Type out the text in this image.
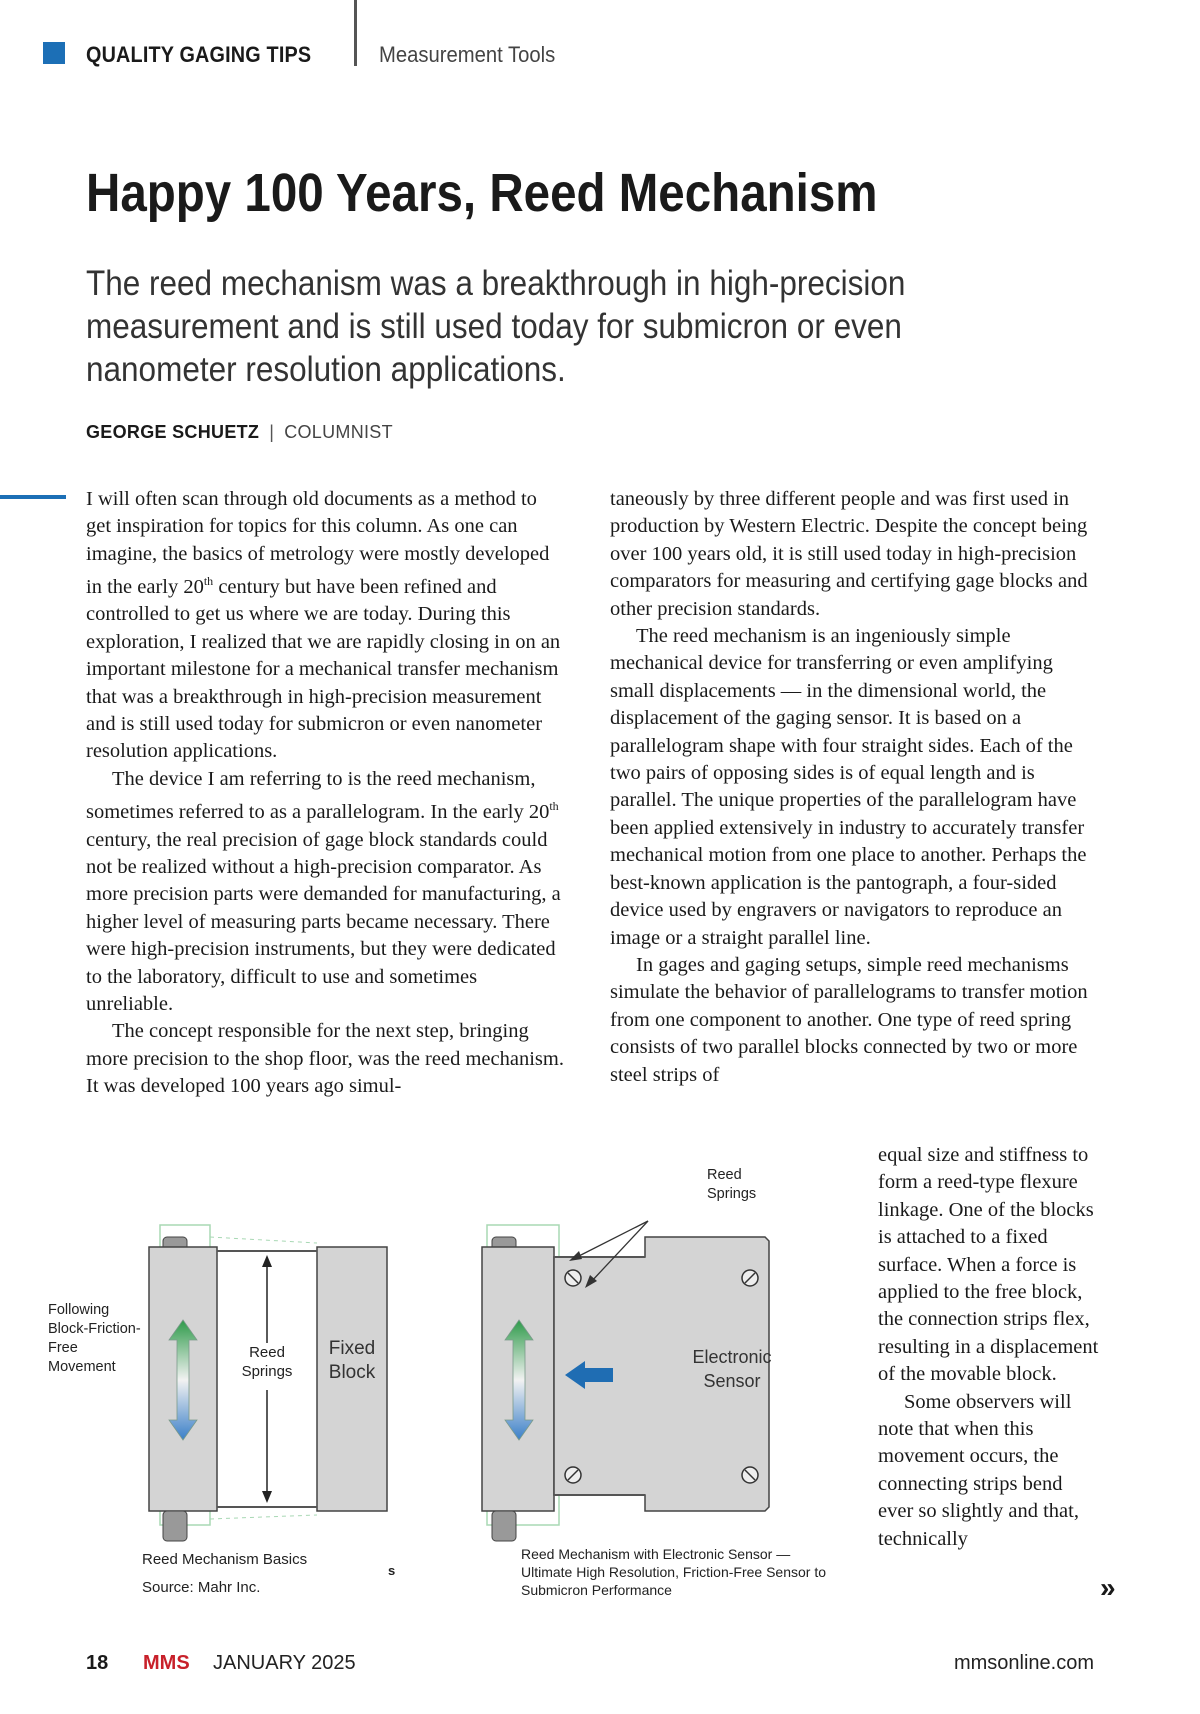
QUALITY GAGING TIPS	Measurement Tools
Happy 100 Years, Reed Mechanism

The reed mechanism was a breakthrough in high-precision measurement and is still used today for submicron or even nanometer resolution applications.

GEORGE SCHUETZ | COLUMNIST

I will often scan through old documents as a method to get inspiration for topics for this column. As one can imagine, the basics of metrology were mostly developed in the early 20th century but have been refined and controlled to get us where we are today. During this exploration, I realized that we are rapidly closing in on an important milestone for a mechanical transfer mechanism that was a breakthrough in high-precision measurement and is still used today for submicron or even nanometer resolution applications.

The device I am referring to is the reed mechanism, sometimes referred to as a parallelogram. In the early 20th century, the real precision of gage block standards could not be realized without a high-precision comparator. As more precision parts were demanded for manufacturing, a higher level of measuring parts became necessary. There were high-precision instruments, but they were dedicated to the laboratory, difficult to use and sometimes unreliable.

The concept responsible for the next step, bringing more precision to the shop floor, was the reed mechanism. It was developed 100 years ago simul-

taneously by three different people and was first used in production by Western Electric. Despite the concept being over 100 years old, it is still used today in high-precision comparators for measuring and certifying gage blocks and other precision standards.

The reed mechanism is an ingeniously simple mechanical device for transferring or even amplifying small displacements — in the dimensional world, the displacement of the gaging sensor. It is based on a parallelogram shape with four straight sides. Each of the two pairs of opposing sides is of equal length and is parallel. The unique properties of the parallelogram have been applied extensively in industry to accurately transfer mechanical motion from one place to another. Perhaps the best-known application is the pantograph, a four-sided device used by engravers or navigators to reproduce an image or a straight parallel line.

In gages and gaging setups, simple reed mechanisms simulate the behavior of parallelograms to transfer motion from one component to another. One type of reed spring consists of two parallel blocks connected by two or more steel strips of

equal size and stiffness to form a reed-type flexure linkage. One of the blocks is attached to a fixed surface. When a force is applied to the free block, the connection strips flex, resulting in a displacement of the movable block.

Some observers will note that when this movement occurs, the connecting strips bend ever so slightly and that, technically

»
Following Block-Friction-Free Movement
Reed Springs
Fixed Block
Reed Mechanism Basics
Source: Mahr Inc.
s
Reed Springs
Electronic Sensor
Reed Mechanism with Electronic Sensor — Ultimate High Resolution, Friction-Free Sensor to Submicron Performance
18 MMS JANUARY 2025	mmsonline.com
